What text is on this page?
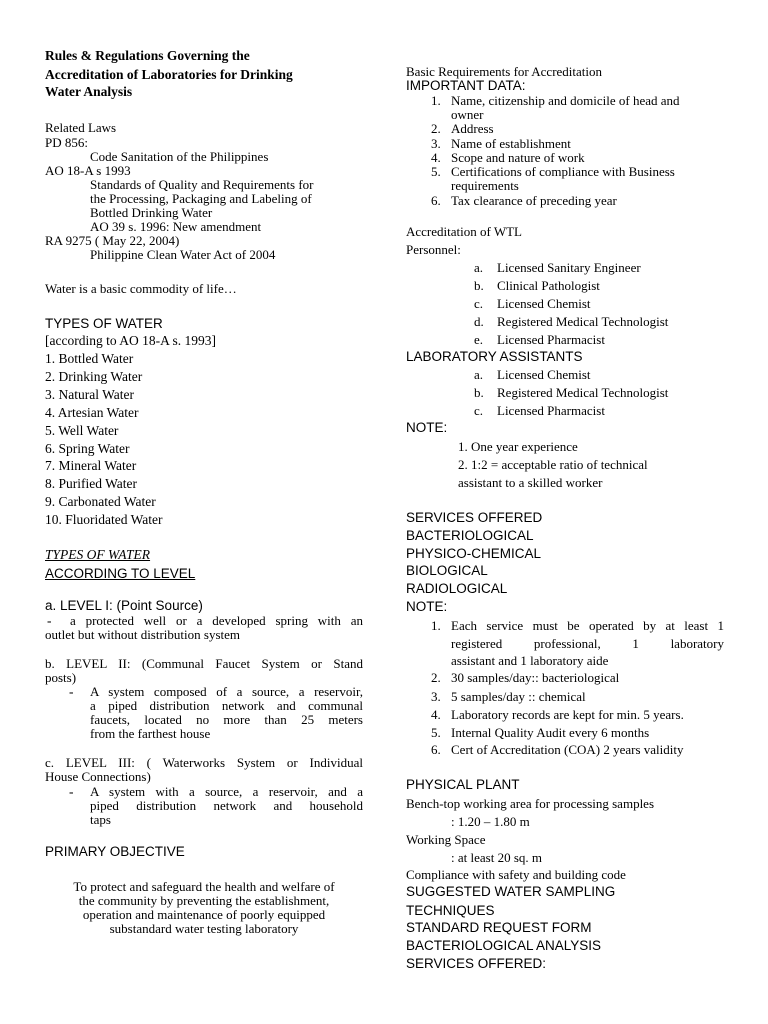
Rules & Regulations Governing the
Accreditation of Laboratories for Drinking
Water Analysis
Related Laws
PD 856:
Code Sanitation of the Philippines
AO 18-A s 1993
Standards of Quality and Requirements for
the Processing, Packaging and Labeling of
Bottled Drinking Water
AO 39 s. 1996: New amendment
RA 9275 ( May 22, 2004)
Philippine Clean Water Act of 2004
Water is a basic commodity of life…
TYPES OF WATER
[according to AO 18-A s. 1993]
1. Bottled Water
2. Drinking Water
3. Natural Water
4. Artesian Water
5. Well Water
6. Spring Water
7. Mineral Water
8. Purified Water
9. Carbonated Water
10. Fluoridated Water
TYPES OF WATER
ACCORDING TO LEVEL
a. LEVEL I: (Point Source)
- a protected well or a developed spring with an
outlet but without distribution system
b. LEVEL II: (Communal Faucet System or Stand
posts)
- A system composed of a source, a reservoir,
a piped distribution network and communal
faucets, located no more than 25 meters
from the farthest house
c. LEVEL III: ( Waterworks System or Individual
House Connections)
- A system with a source, a reservoir, and a
piped distribution network and household
taps
PRIMARY OBJECTIVE
To protect and safeguard the health and welfare of
the community by preventing the establishment,
operation and maintenance of poorly equipped
substandard water testing laboratory
Basic Requirements for Accreditation
IMPORTANT DATA:
1. Name, citizenship and domicile of head and
owner
2. Address
3. Name of establishment
4. Scope and nature of work
5. Certifications of compliance with Business
requirements
6. Tax clearance of preceding year
Accreditation of WTL
Personnel:
a. Licensed Sanitary Engineer
b. Clinical Pathologist
c. Licensed Chemist
d. Registered Medical Technologist
e. Licensed Pharmacist
LABORATORY ASSISTANTS
a. Licensed Chemist
b. Registered Medical Technologist
c. Licensed Pharmacist
NOTE:
1. One year experience
2. 1:2 = acceptable ratio of technical
assistant to a skilled worker
SERVICES OFFERED
BACTERIOLOGICAL
PHYSICO-CHEMICAL
BIOLOGICAL
RADIOLOGICAL
NOTE:
1. Each service must be operated by at least 1
registered professional, 1 laboratory
assistant and 1 laboratory aide
2. 30 samples/day:: bacteriological
3. 5 samples/day :: chemical
4. Laboratory records are kept for min. 5 years.
5. Internal Quality Audit every 6 months
6. Cert of Accreditation (COA) 2 years validity
PHYSICAL PLANT
Bench-top working area for processing samples
: 1.20 – 1.80 m
Working Space
: at least 20 sq. m
Compliance with safety and building code
SUGGESTED WATER SAMPLING
TECHNIQUES
STANDARD REQUEST FORM
BACTERIOLOGICAL ANALYSIS
SERVICES OFFERED:
